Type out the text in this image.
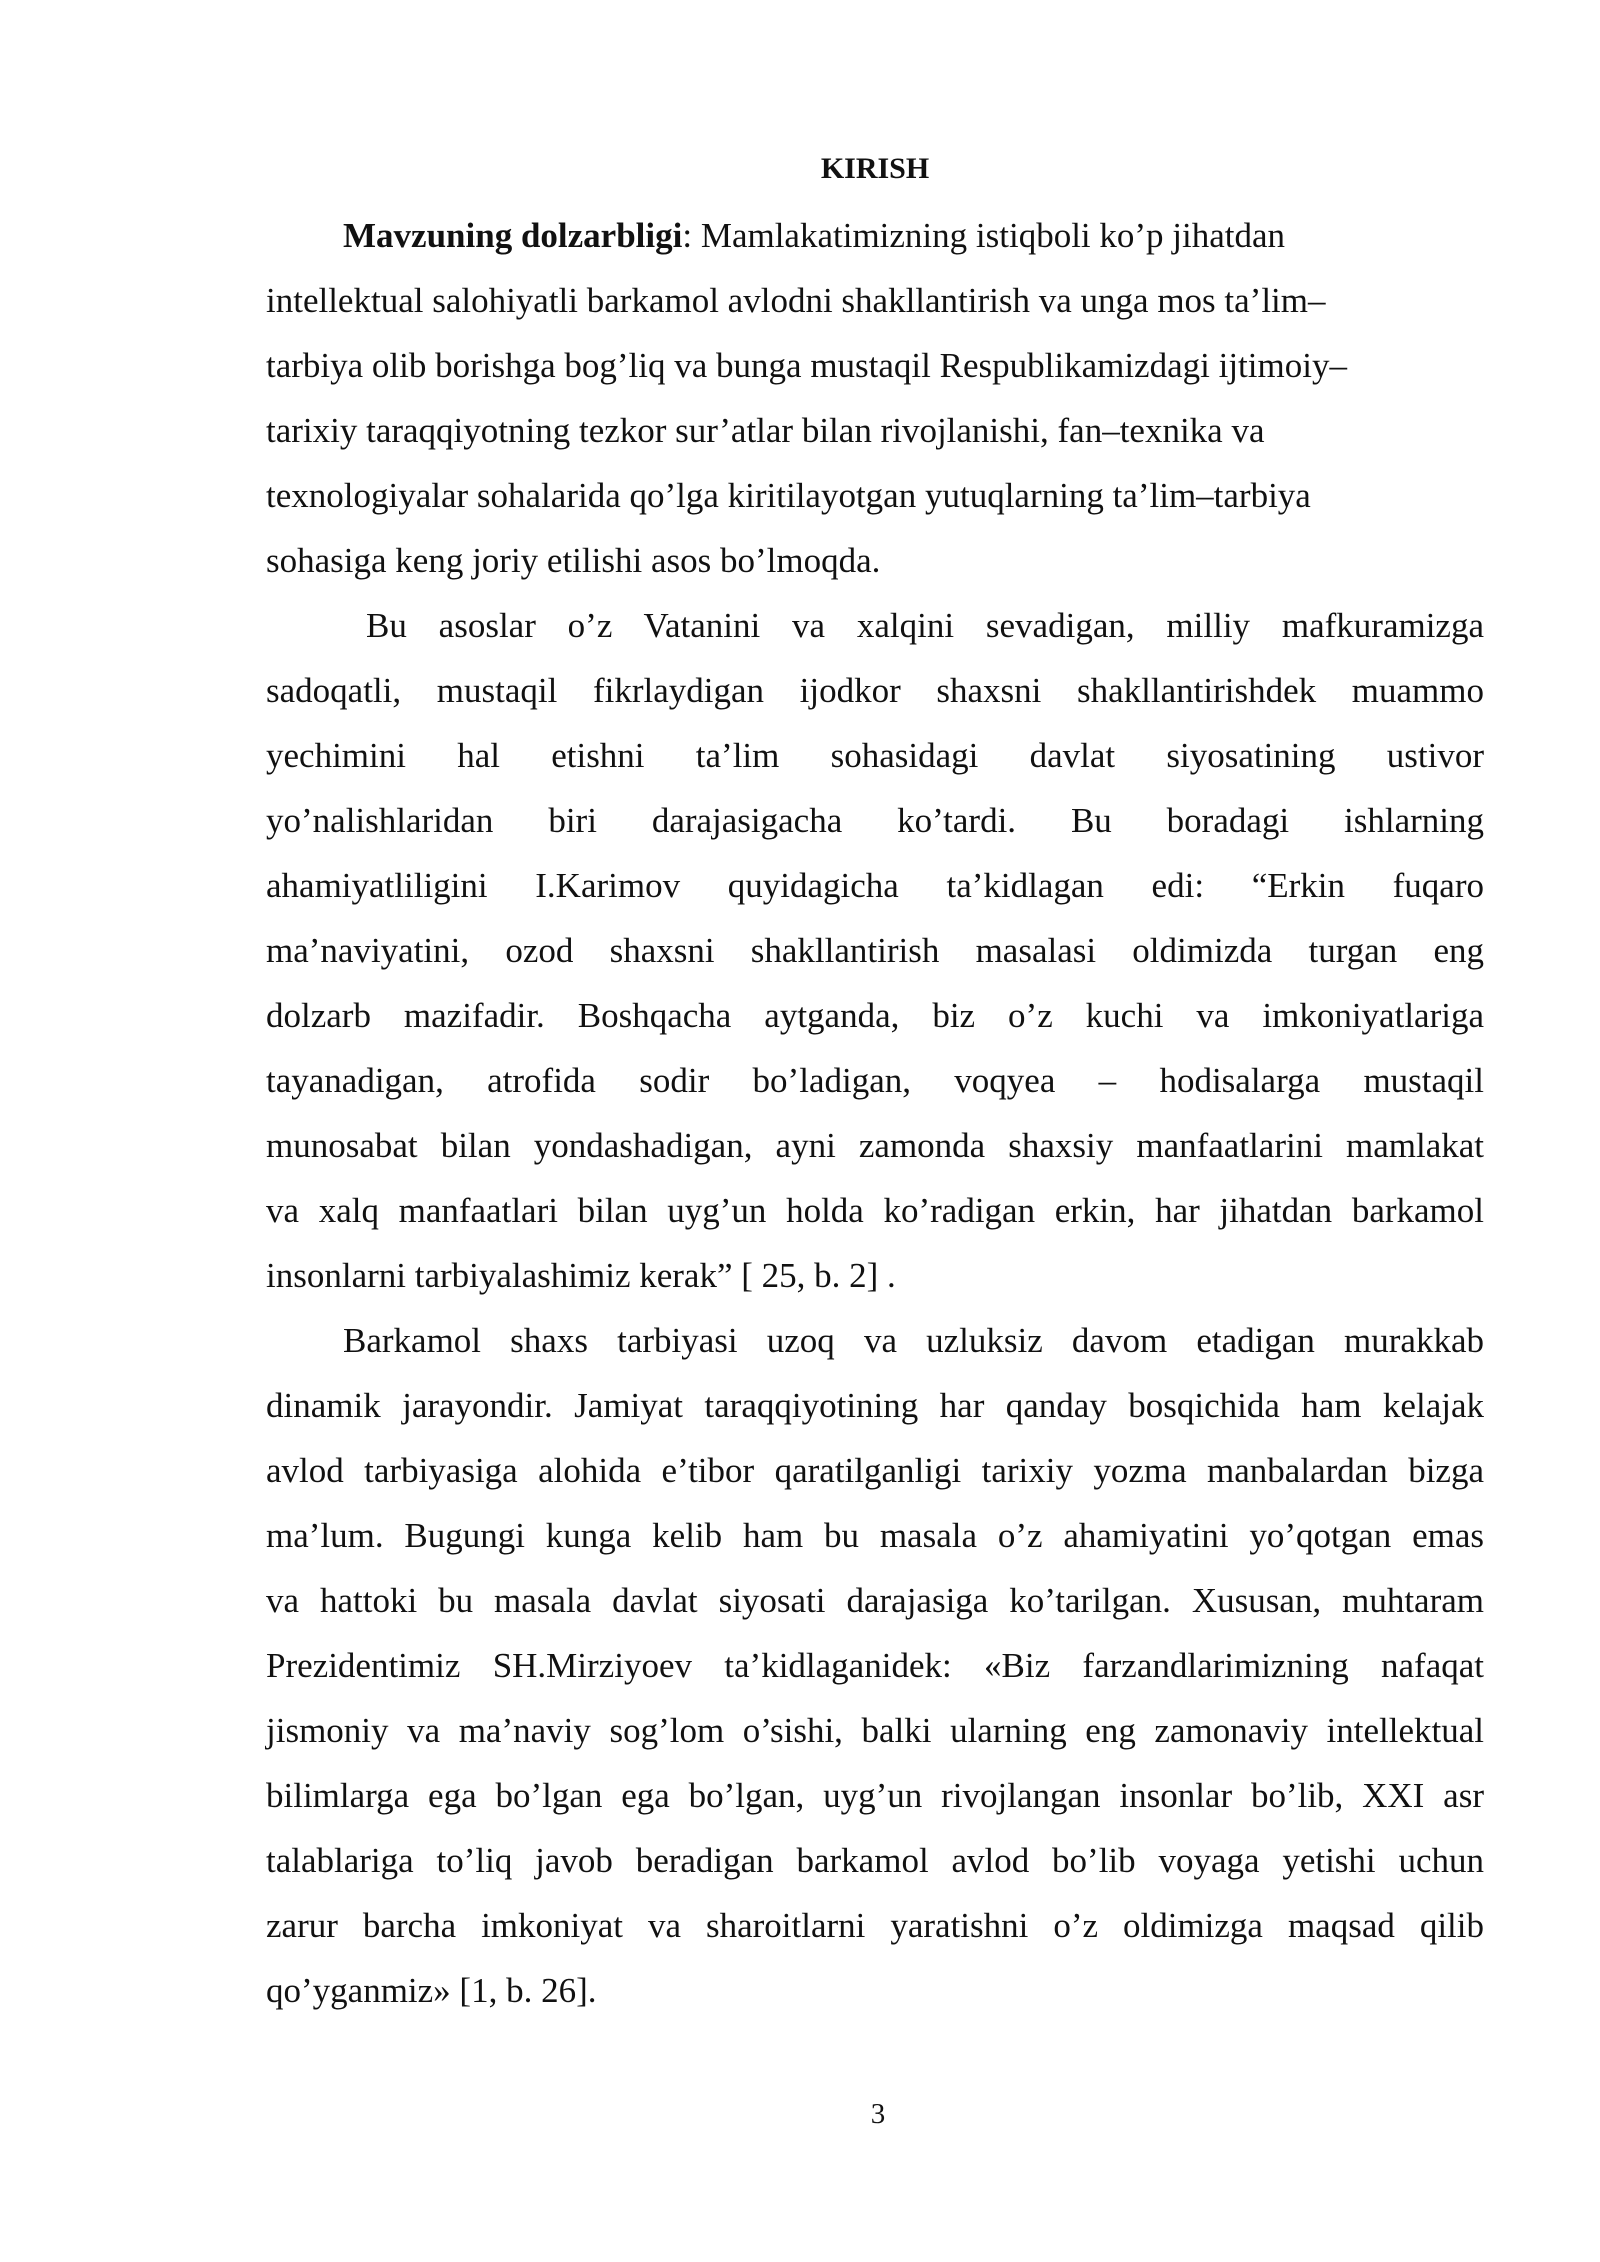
KIRISH
Mavzuning dolzarbligi: Mamlakatimizning istiqboli ko’p jihatdan
intellektual salohiyatli barkamol avlodni shakllantirish va unga mos ta’lim–
tarbiya olib borishga bog’liq va bunga mustaqil Respublikamizdagi ijtimoiy–
tarixiy taraqqiyotning tezkor sur’atlar bilan rivojlanishi, fan–texnika va
texnologiyalar sohalarida qo’lga kiritilayotgan yutuqlarning ta’lim–tarbiya
sohasiga keng joriy etilishi asos bo’lmoqda.
Bu asoslar o’z Vatanini va xalqini sevadigan, milliy mafkuramizga
sadoqatli, mustaqil fikrlaydigan ijodkor shaxsni shakllantirishdek muammo
yechimini hal etishni ta’lim sohasidagi davlat siyosatining ustivor
yo’nalishlaridan biri darajasigacha ko’tardi. Bu boradagi ishlarning
ahamiyatliligini I.Karimov quyidagicha ta’kidlagan edi: “Erkin fuqaro
ma’naviyatini, ozod shaxsni shakllantirish masalasi oldimizda turgan eng
dolzarb mazifadir. Boshqacha aytganda, biz o’z kuchi va imkoniyatlariga
tayanadigan, atrofida sodir bo’ladigan, voqyea – hodisalarga mustaqil
munosabat bilan yondashadigan, ayni zamonda shaxsiy manfaatlarini mamlakat
va xalq manfaatlari bilan uyg’un holda ko’radigan erkin, har jihatdan barkamol
insonlarni tarbiyalashimiz kerak” [ 25, b. 2] .
Barkamol shaxs tarbiyasi uzoq va uzluksiz davom etadigan murakkab
dinamik jarayondir. Jamiyat taraqqiyotining har qanday bosqichida ham kelajak
avlod tarbiyasiga alohida e’tibor qaratilganligi tarixiy yozma manbalardan bizga
ma’lum. Bugungi kunga kelib ham bu masala o’z ahamiyatini yo’qotgan emas
va hattoki bu masala davlat siyosati darajasiga ko’tarilgan. Xususan, muhtaram
Prezidentimiz SH.Mirziyoev ta’kidlaganidek: «Biz farzandlarimizning nafaqat
jismoniy va ma’naviy sog’lom o’sishi, balki ularning eng zamonaviy intellektual
bilimlarga ega bo’lgan ega bo’lgan, uyg’un rivojlangan insonlar bo’lib, XXI asr
talablariga to’liq javob beradigan barkamol avlod bo’lib voyaga yetishi uchun
zarur barcha imkoniyat va sharoitlarni yaratishni o’z oldimizga maqsad qilib
qo’yganmiz» [1, b. 26].
3
